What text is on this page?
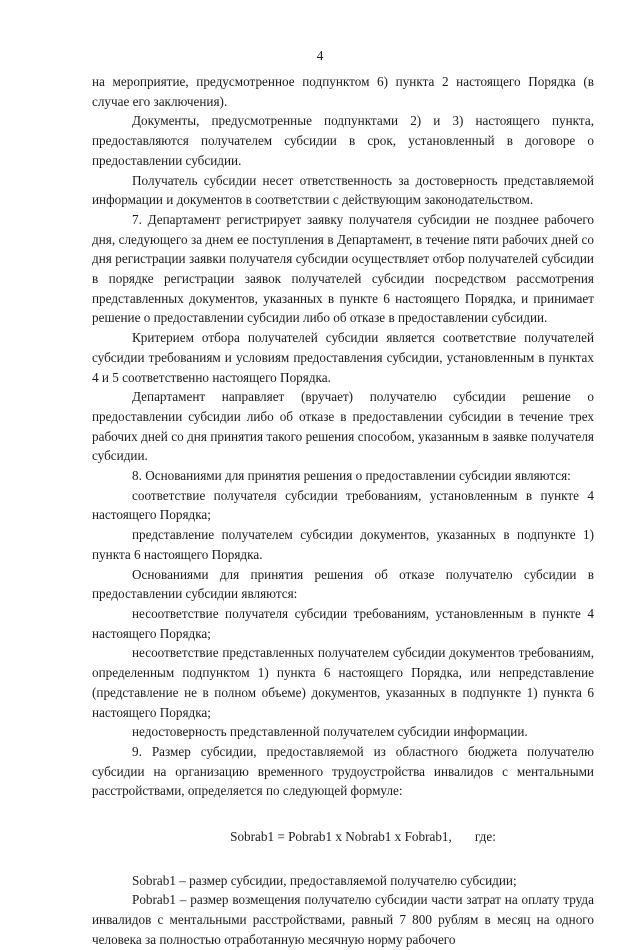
4

на мероприятие, предусмотренное подпунктом 6) пункта 2 настоящего Порядка (в случае его заключения).

Документы, предусмотренные подпунктами 2) и 3) настоящего пункта, предоставляются получателем субсидии в срок, установленный в договоре о предоставлении субсидии.

Получатель субсидии несет ответственность за достоверность представляемой информации и документов в соответствии с действующим законодательством.

7. Департамент регистрирует заявку получателя субсидии не позднее рабочего дня, следующего за днем ее поступления в Департамент, в течение пяти рабочих дней со дня регистрации заявки получателя субсидии осуществляет отбор получателей субсидии в порядке регистрации заявок получателей субсидии посредством рассмотрения представленных документов, указанных в пункте 6 настоящего Порядка, и принимает решение о предоставлении субсидии либо об отказе в предоставлении субсидии.

Критерием отбора получателей субсидии является соответствие получателей субсидии требованиям и условиям предоставления субсидии, установленным в пунктах 4 и 5 соответственно настоящего Порядка.

Департамент направляет (вручает) получателю субсидии решение о предоставлении субсидии либо об отказе в предоставлении субсидии в течение трех рабочих дней со дня принятия такого решения способом, указанным в заявке получателя субсидии.

8. Основаниями для принятия решения о предоставлении субсидии являются:

соответствие получателя субсидии требованиям, установленным в пункте 4 настоящего Порядка;

представление получателем субсидии документов, указанных в подпункте 1) пункта 6 настоящего Порядка.

Основаниями для принятия решения об отказе получателю субсидии в предоставлении субсидии являются:

несоответствие получателя субсидии требованиям, установленным в пункте 4 настоящего Порядка;

несоответствие представленных получателем субсидии документов требованиям, определенным подпунктом 1) пункта 6 настоящего Порядка, или непредставление (представление не в полном объеме) документов, указанных в подпункте 1) пункта 6 настоящего Порядка;

недостоверность представленной получателем субсидии информации.

9. Размер субсидии, предоставляемой из областного бюджета получателю субсидии на организацию временного трудоустройства инвалидов с ментальными расстройствами, определяется по следующей формуле:

Sobrab1 = Pobrab1 x Nobrab1 x Fobrab1,       где:

Sobrab1 – размер субсидии, предоставляемой получателю субсидии;

Pobrab1 – размер возмещения получателю субсидии части затрат на оплату труда инвалидов с ментальными расстройствами, равный 7 800 рублям в месяц на одного человека за полностью отработанную месячную норму рабочего
